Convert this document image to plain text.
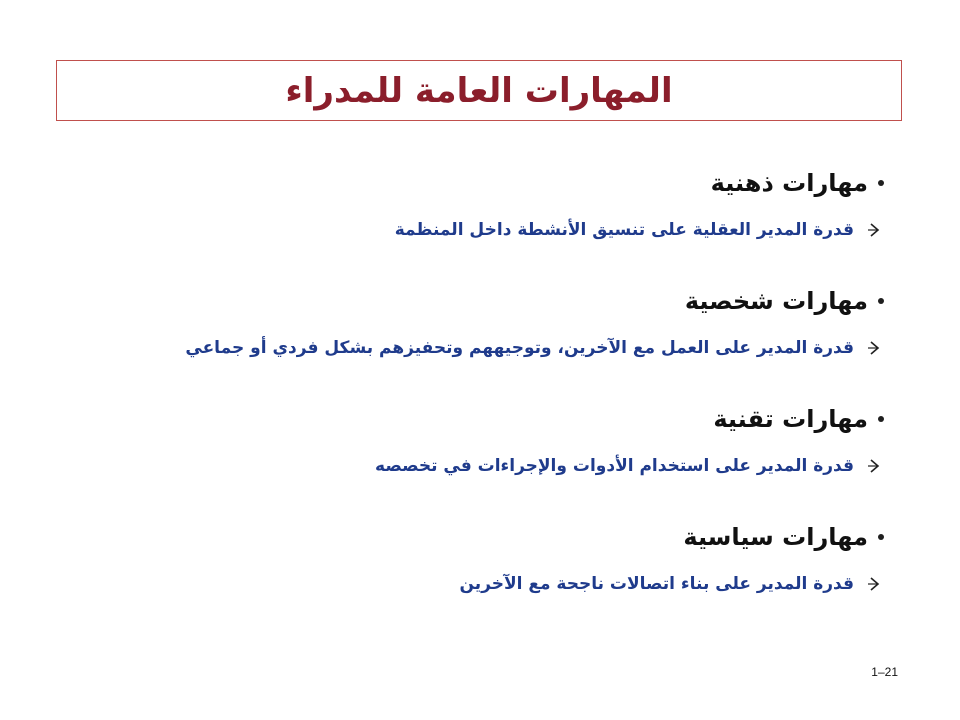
المهارات العامة للمدراء
مهارات ذهنية
قدرة المدير العقلية على تنسيق الأنشطة داخل المنظمة
مهارات شخصية
قدرة المدير على العمل مع الآخرين، وتوجيههم وتحفيزهم بشكل فردي أو جماعي
مهارات تقنية
قدرة المدير على استخدام الأدوات والإجراءات في تخصصه
مهارات سياسية
قدرة المدير على بناء اتصالات ناجحة مع الآخرين
1–21
